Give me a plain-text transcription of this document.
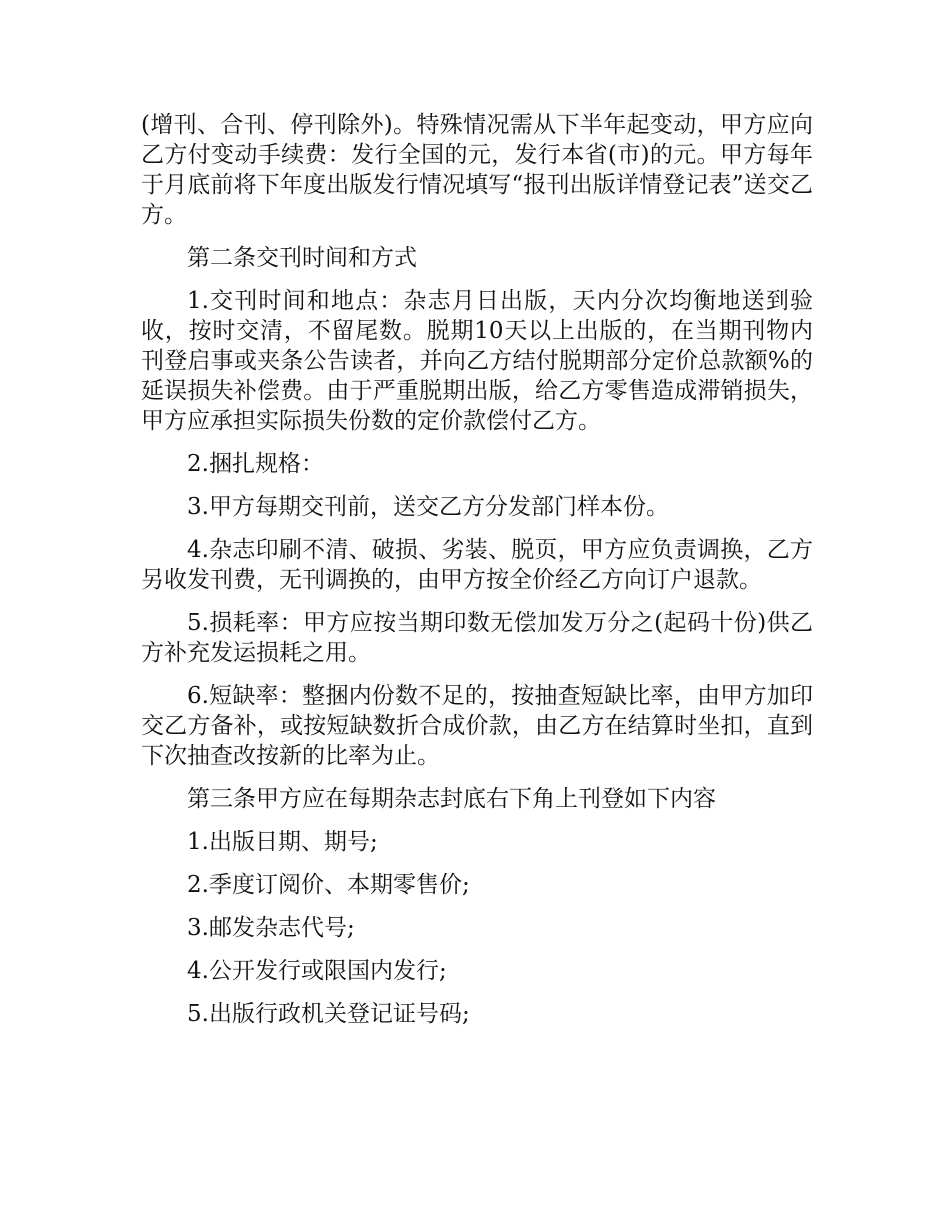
(增刊、合刊、停刊除外)。特殊情况需从下半年起变动，甲方应向乙方付变动手续费：发行全国的元，发行本省(市)的元。甲方每年于月底前将下年度出版发行情况填写“报刊出版详情登记表”送交乙方。

第二条交刊时间和方式

1.交刊时间和地点：杂志月日出版，天内分次均衡地送到验收，按时交清，不留尾数。脱期10天以上出版的，在当期刊物内刊登启事或夹条公告读者，并向乙方结付脱期部分定价总款额%的延误损失补偿费。由于严重脱期出版，给乙方零售造成滞销损失，甲方应承担实际损失份数的定价款偿付乙方。

2.捆扎规格：

3.甲方每期交刊前，送交乙方分发部门样本份。

4.杂志印刷不清、破损、劣装、脱页，甲方应负责调换，乙方另收发刊费，无刊调换的，由甲方按全价经乙方向订户退款。

5.损耗率：甲方应按当期印数无偿加发万分之(起码十份)供乙方补充发运损耗之用。

6.短缺率：整捆内份数不足的，按抽查短缺比率，由甲方加印交乙方备补，或按短缺数折合成价款，由乙方在结算时坐扣，直到下次抽查改按新的比率为止。

第三条甲方应在每期杂志封底右下角上刊登如下内容

1.出版日期、期号;

2.季度订阅价、本期零售价;

3.邮发杂志代号;

4.公开发行或限国内发行;

5.出版行政机关登记证号码;
